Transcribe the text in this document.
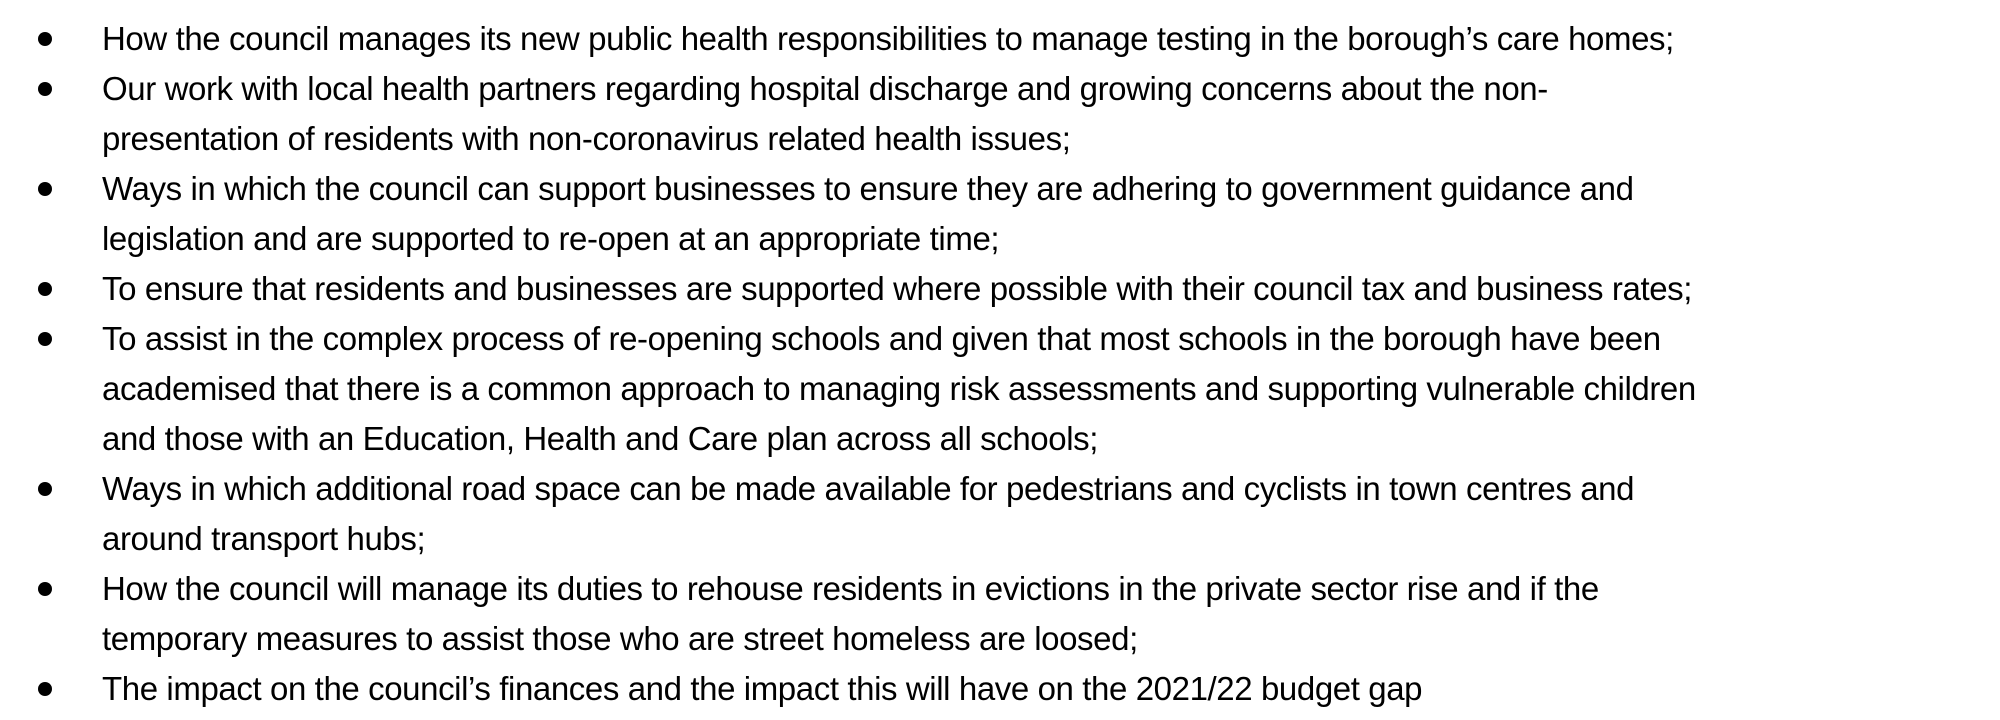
How the council manages its new public health responsibilities to manage testing in the borough’s care homes;
Our work with local health partners regarding hospital discharge and growing concerns about the non-
presentation of residents with non-coronavirus related health issues;
Ways in which the council can support businesses to ensure they are adhering to government guidance and
legislation and are supported to re-open at an appropriate time;
To ensure that residents and businesses are supported where possible with their council tax and business rates;
To assist in the complex process of re-opening schools and given that most schools in the borough have been
academised that there is a common approach to managing risk assessments and supporting vulnerable children
and those with an Education, Health and Care plan across all schools;
Ways in which additional road space can be made available for pedestrians and cyclists in town centres and
around transport hubs;
How the council will manage its duties to rehouse residents in evictions in the private sector rise and if the
temporary measures to assist those who are street homeless are loosed;
The impact on the council’s finances and the impact this will have on the 2021/22 budget gap
